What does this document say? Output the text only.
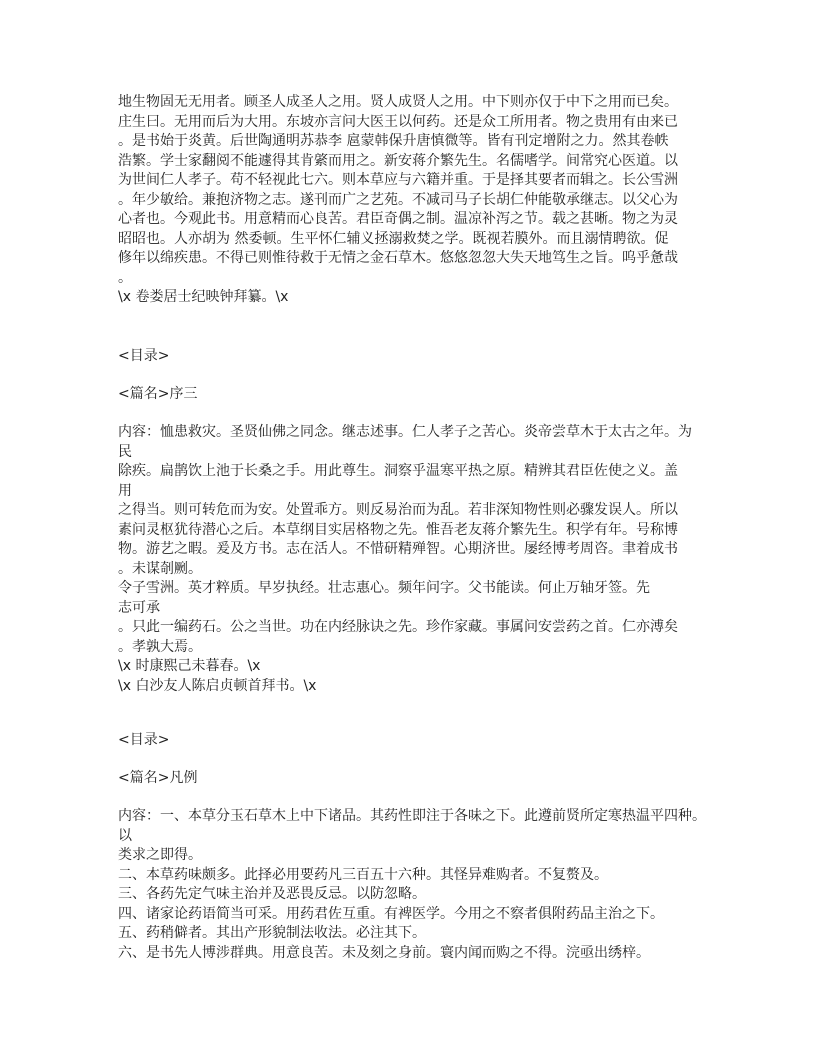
地生物固无无用者。顾圣人成圣人之用。贤人成贤人之用。中下则亦仅于中下之用而已矣。
庄生曰。无用而后为大用。东坡亦言问大医王以何药。还是众工所用者。物之贵用有由来已
。是书始于炎黄。后世陶通明苏恭李 扈蒙韩保升唐慎微等。皆有刊定增附之力。然其卷帙
浩繁。学士家翻阅不能遽得其肯綮而用之。新安蒋介繁先生。名儒嗜学。间常究心医道。以
为世间仁人孝子。苟不轻视此七六。则本草应与六籍并重。于是择其要者而辑之。长公雪洲
。年少敏给。兼抱济物之志。遂刊而广之艺苑。不减司马子长胡仁仲能敬承继志。以父心为
心者也。今观此书。用意精而心良苦。君臣奇偶之制。温凉补泻之节。载之甚晰。物之为灵
昭昭也。人亦胡为 然委顿。生平怀仁辅义拯溺救焚之学。既视若膜外。而且溺情聘欲。促
修年以绵疾患。不得已则惟待救于无情之金石草木。悠悠忽忽大失天地笃生之旨。呜乎惫哉
。
\x 卷娄居士纪映钟拜纂。\x
<目录>
<篇名>序三
内容：恤患救灾。圣贤仙佛之同念。继志述事。仁人孝子之苦心。炎帝尝草木于太古之年。为
民
除疾。扁鹊饮上池于长桑之手。用此尊生。洞察乎温寒平热之原。精辨其君臣佐使之义。盖
用
之得当。则可转危而为安。处置乖方。则反易治而为乱。若非深知物性则必骤发误人。所以
素问灵枢犹待潜心之后。本草纲目实居格物之先。惟吾老友蒋介繁先生。积学有年。号称博
物。游艺之暇。爰及方书。志在活人。不惜研精殚智。心期济世。屡经博考周咨。聿着成书
。未谋剞劂。
令子雪洲。英才粹质。早岁执经。壮志惠心。频年问字。父书能读。何止万轴牙签。先
志可承
。只此一编药石。公之当世。功在内经脉诀之先。珍作家藏。事属问安尝药之首。仁亦溥矣
。孝孰大焉。
\x 时康熙己未暮春。\x
\x 白沙友人陈启贞顿首拜书。\x
<目录>
<篇名>凡例
内容：一、本草分玉石草木上中下诸品。其药性即注于各味之下。此遵前贤所定寒热温平四种。
以
类求之即得。
二、本草药味颇多。此择必用要药凡三百五十六种。其怪异难购者。不复赘及。
三、各药先定气味主治并及恶畏反忌。以防忽略。
四、诸家论药语简当可采。用药君佐互重。有裨医学。今用之不察者俱附药品主治之下。
五、药稍僻者。其出产形貌制法收法。必注其下。
六、是书先人博涉群典。用意良苦。未及刻之身前。寰内闻而购之不得。浣亟出绣梓。
